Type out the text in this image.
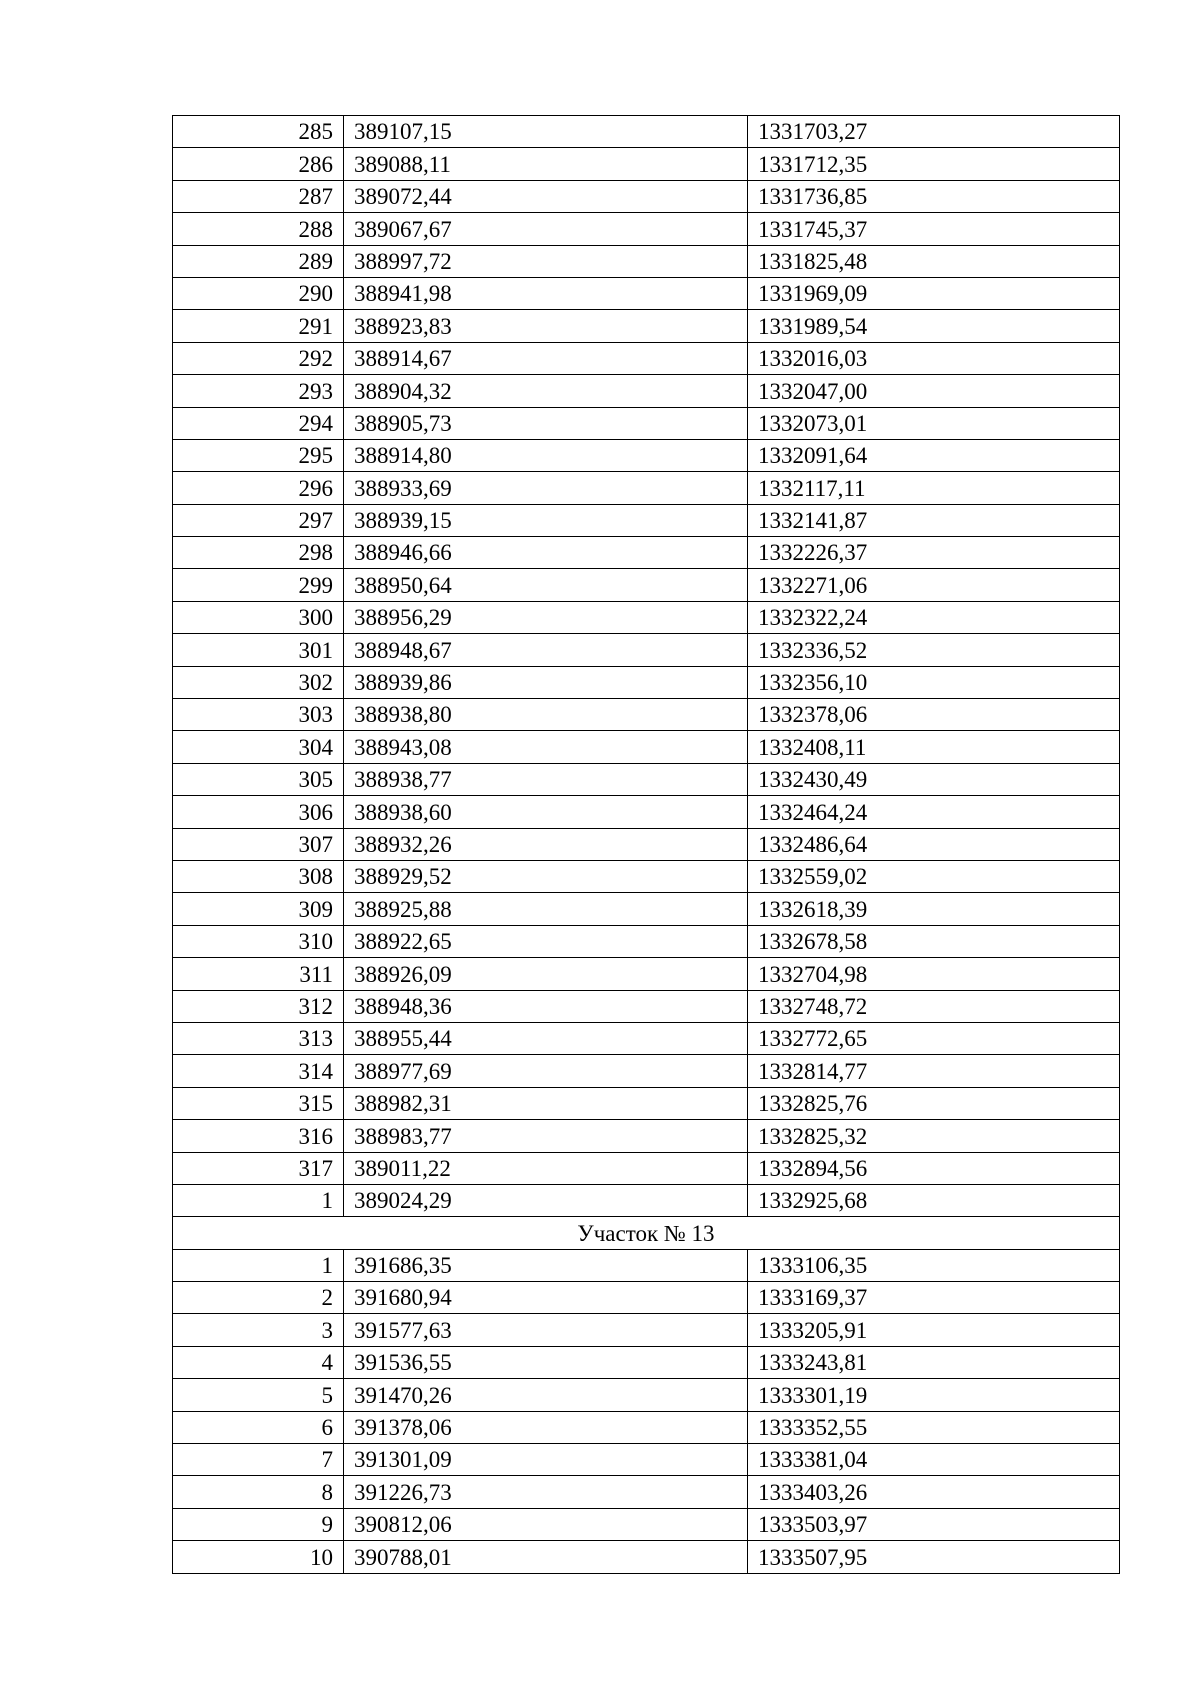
285	389107,15	1331703,27
286	389088,11	1331712,35
287	389072,44	1331736,85
288	389067,67	1331745,37
289	388997,72	1331825,48
290	388941,98	1331969,09
291	388923,83	1331989,54
292	388914,67	1332016,03
293	388904,32	1332047,00
294	388905,73	1332073,01
295	388914,80	1332091,64
296	388933,69	1332117,11
297	388939,15	1332141,87
298	388946,66	1332226,37
299	388950,64	1332271,06
300	388956,29	1332322,24
301	388948,67	1332336,52
302	388939,86	1332356,10
303	388938,80	1332378,06
304	388943,08	1332408,11
305	388938,77	1332430,49
306	388938,60	1332464,24
307	388932,26	1332486,64
308	388929,52	1332559,02
309	388925,88	1332618,39
310	388922,65	1332678,58
311	388926,09	1332704,98
312	388948,36	1332748,72
313	388955,44	1332772,65
314	388977,69	1332814,77
315	388982,31	1332825,76
316	388983,77	1332825,32
317	389011,22	1332894,56
1	389024,29	1332925,68
Участок № 13		
1	391686,35	1333106,35
2	391680,94	1333169,37
3	391577,63	1333205,91
4	391536,55	1333243,81
5	391470,26	1333301,19
6	391378,06	1333352,55
7	391301,09	1333381,04
8	391226,73	1333403,26
9	390812,06	1333503,97
10	390788,01	1333507,95
